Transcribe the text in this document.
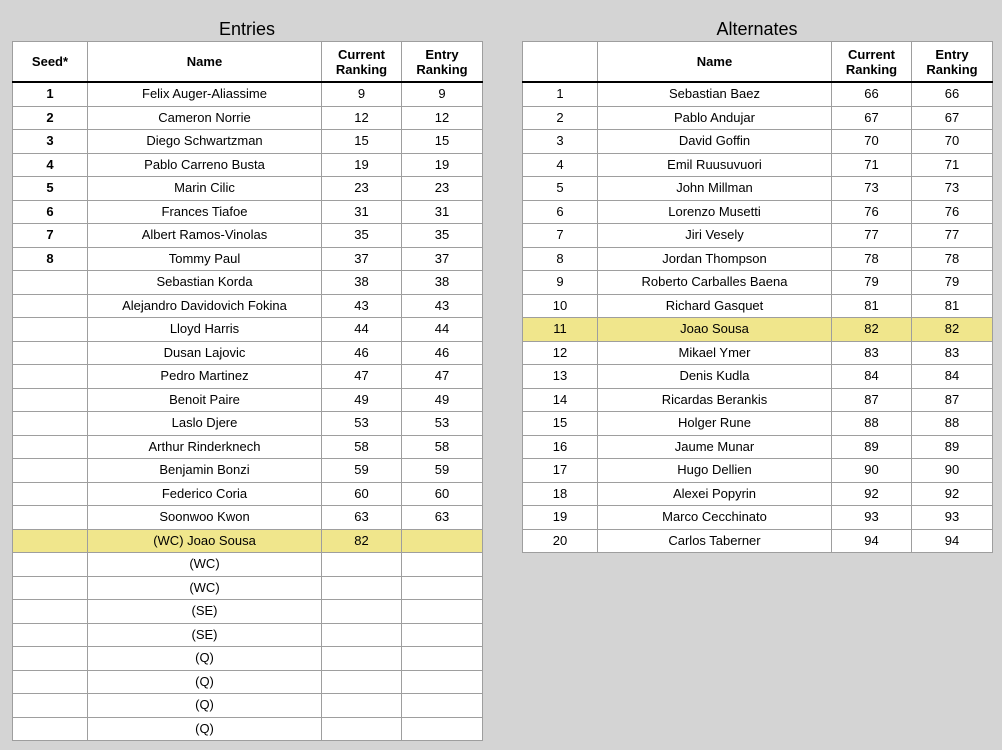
Entries
Seed*	Name	Current Ranking	Entry Ranking
1	Felix Auger-Aliassime	9	9
2	Cameron Norrie	12	12
3	Diego Schwartzman	15	15
4	Pablo Carreno Busta	19	19
5	Marin Cilic	23	23
6	Frances Tiafoe	31	31
7	Albert Ramos-Vinolas	35	35
8	Tommy Paul	37	37
	Sebastian Korda	38	38
	Alejandro Davidovich Fokina	43	43
	Lloyd Harris	44	44
	Dusan Lajovic	46	46
	Pedro Martinez	47	47
	Benoit Paire	49	49
	Laslo Djere	53	53
	Arthur Rinderknech	58	58
	Benjamin Bonzi	59	59
	Federico Coria	60	60
	Soonwoo Kwon	63	63
	(WC) Joao Sousa	82	
	(WC)		
	(WC)		
	(SE)		
	(SE)		
	(Q)		
	(Q)		
	(Q)		
	(Q)		
Alternates
	Name	Current Ranking	Entry Ranking
1	Sebastian Baez	66	66
2	Pablo Andujar	67	67
3	David Goffin	70	70
4	Emil Ruusuvuori	71	71
5	John Millman	73	73
6	Lorenzo Musetti	76	76
7	Jiri Vesely	77	77
8	Jordan Thompson	78	78
9	Roberto Carballes Baena	79	79
10	Richard Gasquet	81	81
11	Joao Sousa	82	82
12	Mikael Ymer	83	83
13	Denis Kudla	84	84
14	Ricardas Berankis	87	87
15	Holger Rune	88	88
16	Jaume Munar	89	89
17	Hugo Dellien	90	90
18	Alexei Popyrin	92	92
19	Marco Cecchinato	93	93
20	Carlos Taberner	94	94
